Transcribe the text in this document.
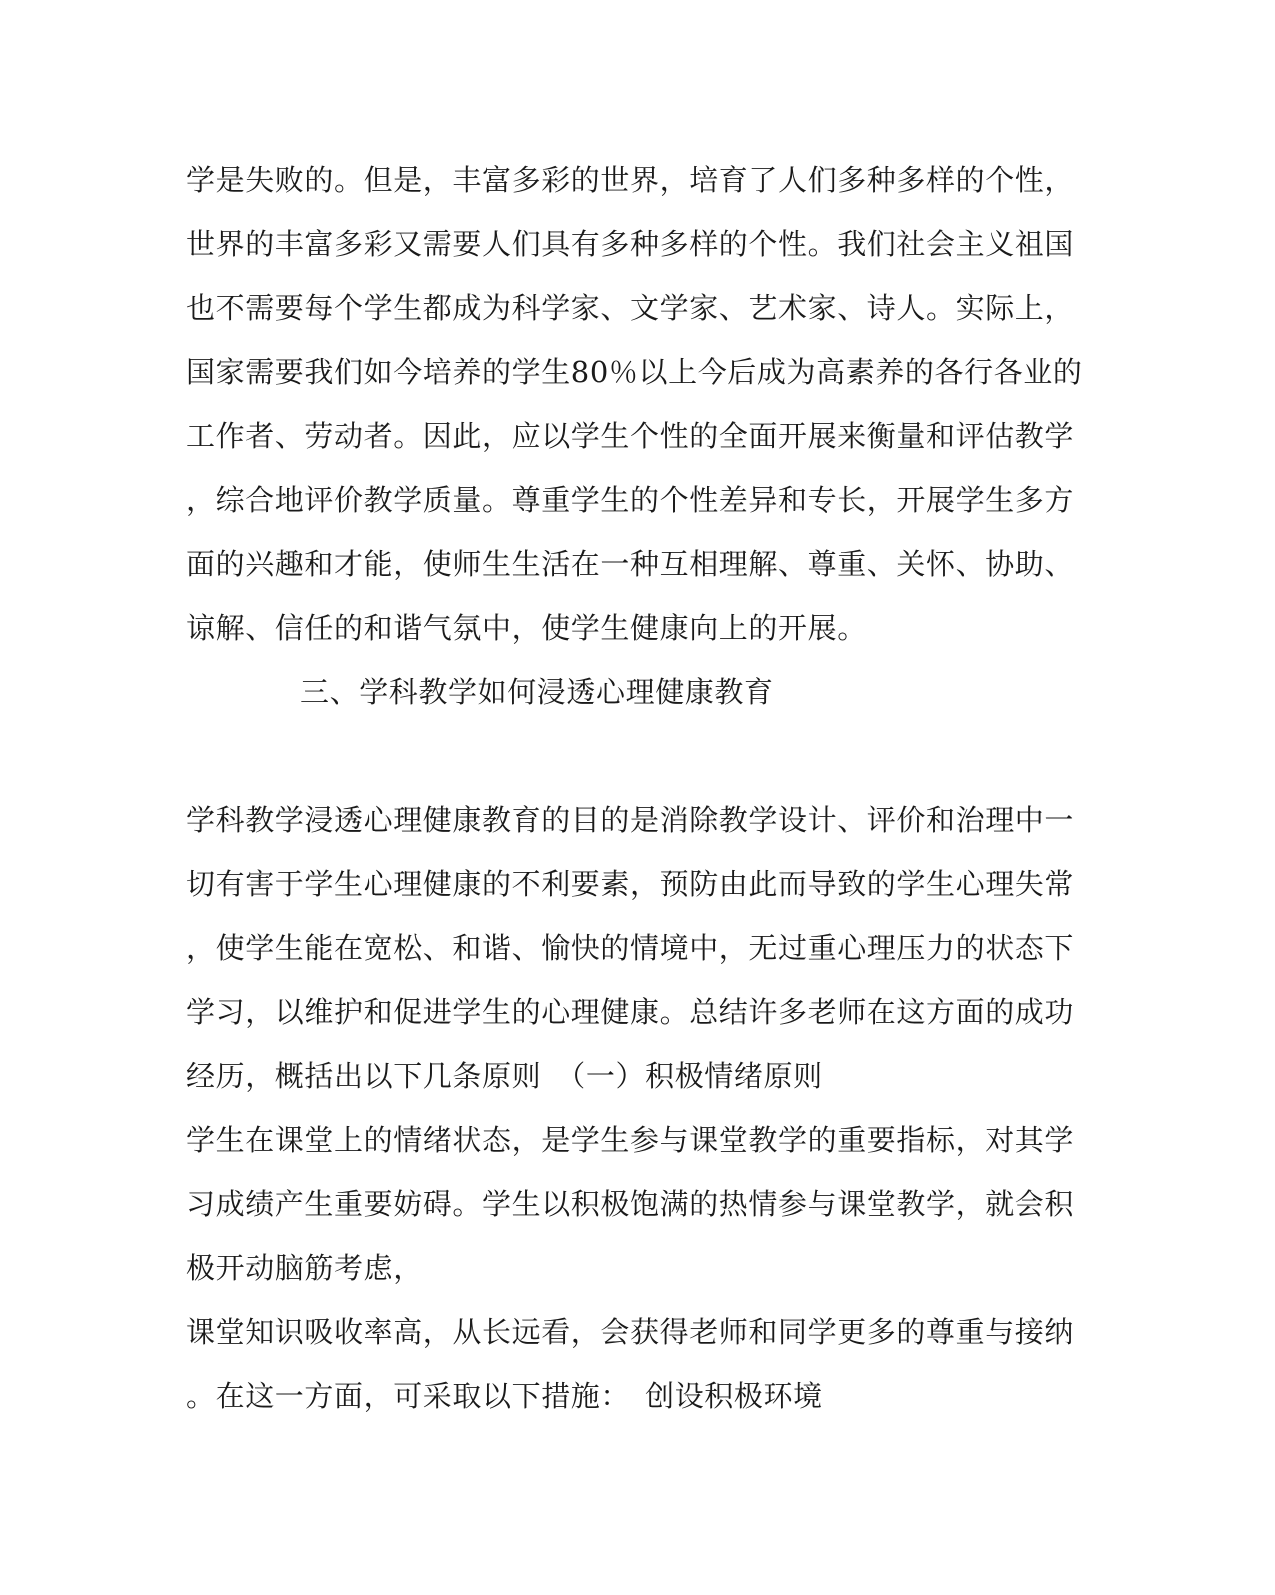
学是失败的。但是，丰富多彩的世界，培育了人们多种多样的个性，
世界的丰富多彩又需要人们具有多种多样的个性。我们社会主义祖国
也不需要每个学生都成为科学家、文学家、艺术家、诗人。实际上，
国家需要我们如今培养的学生80％以上今后成为高素养的各行各业的
工作者、劳动者。因此，应以学生个性的全面开展来衡量和评估教学
，综合地评价教学质量。尊重学生的个性差异和专长，开展学生多方
面的兴趣和才能，使师生生活在一种互相理解、尊重、关怀、协助、
谅解、信任的和谐气氛中，使学生健康向上的开展。
三、学科教学如何浸透心理健康教育
学科教学浸透心理健康教育的目的是消除教学设计、评价和治理中一
切有害于学生心理健康的不利要素，预防由此而导致的学生心理失常
，使学生能在宽松、和谐、愉快的情境中，无过重心理压力的状态下
学习，以维护和促进学生的心理健康。总结许多老师在这方面的成功
经历，概括出以下几条原则　（一）积极情绪原则
学生在课堂上的情绪状态，是学生参与课堂教学的重要指标，对其学
习成绩产生重要妨碍。学生以积极饱满的热情参与课堂教学，就会积
极开动脑筋考虑，
课堂知识吸收率高，从长远看，会获得老师和同学更多的尊重与接纳
。在这一方面，可采取以下措施：　创设积极环境
